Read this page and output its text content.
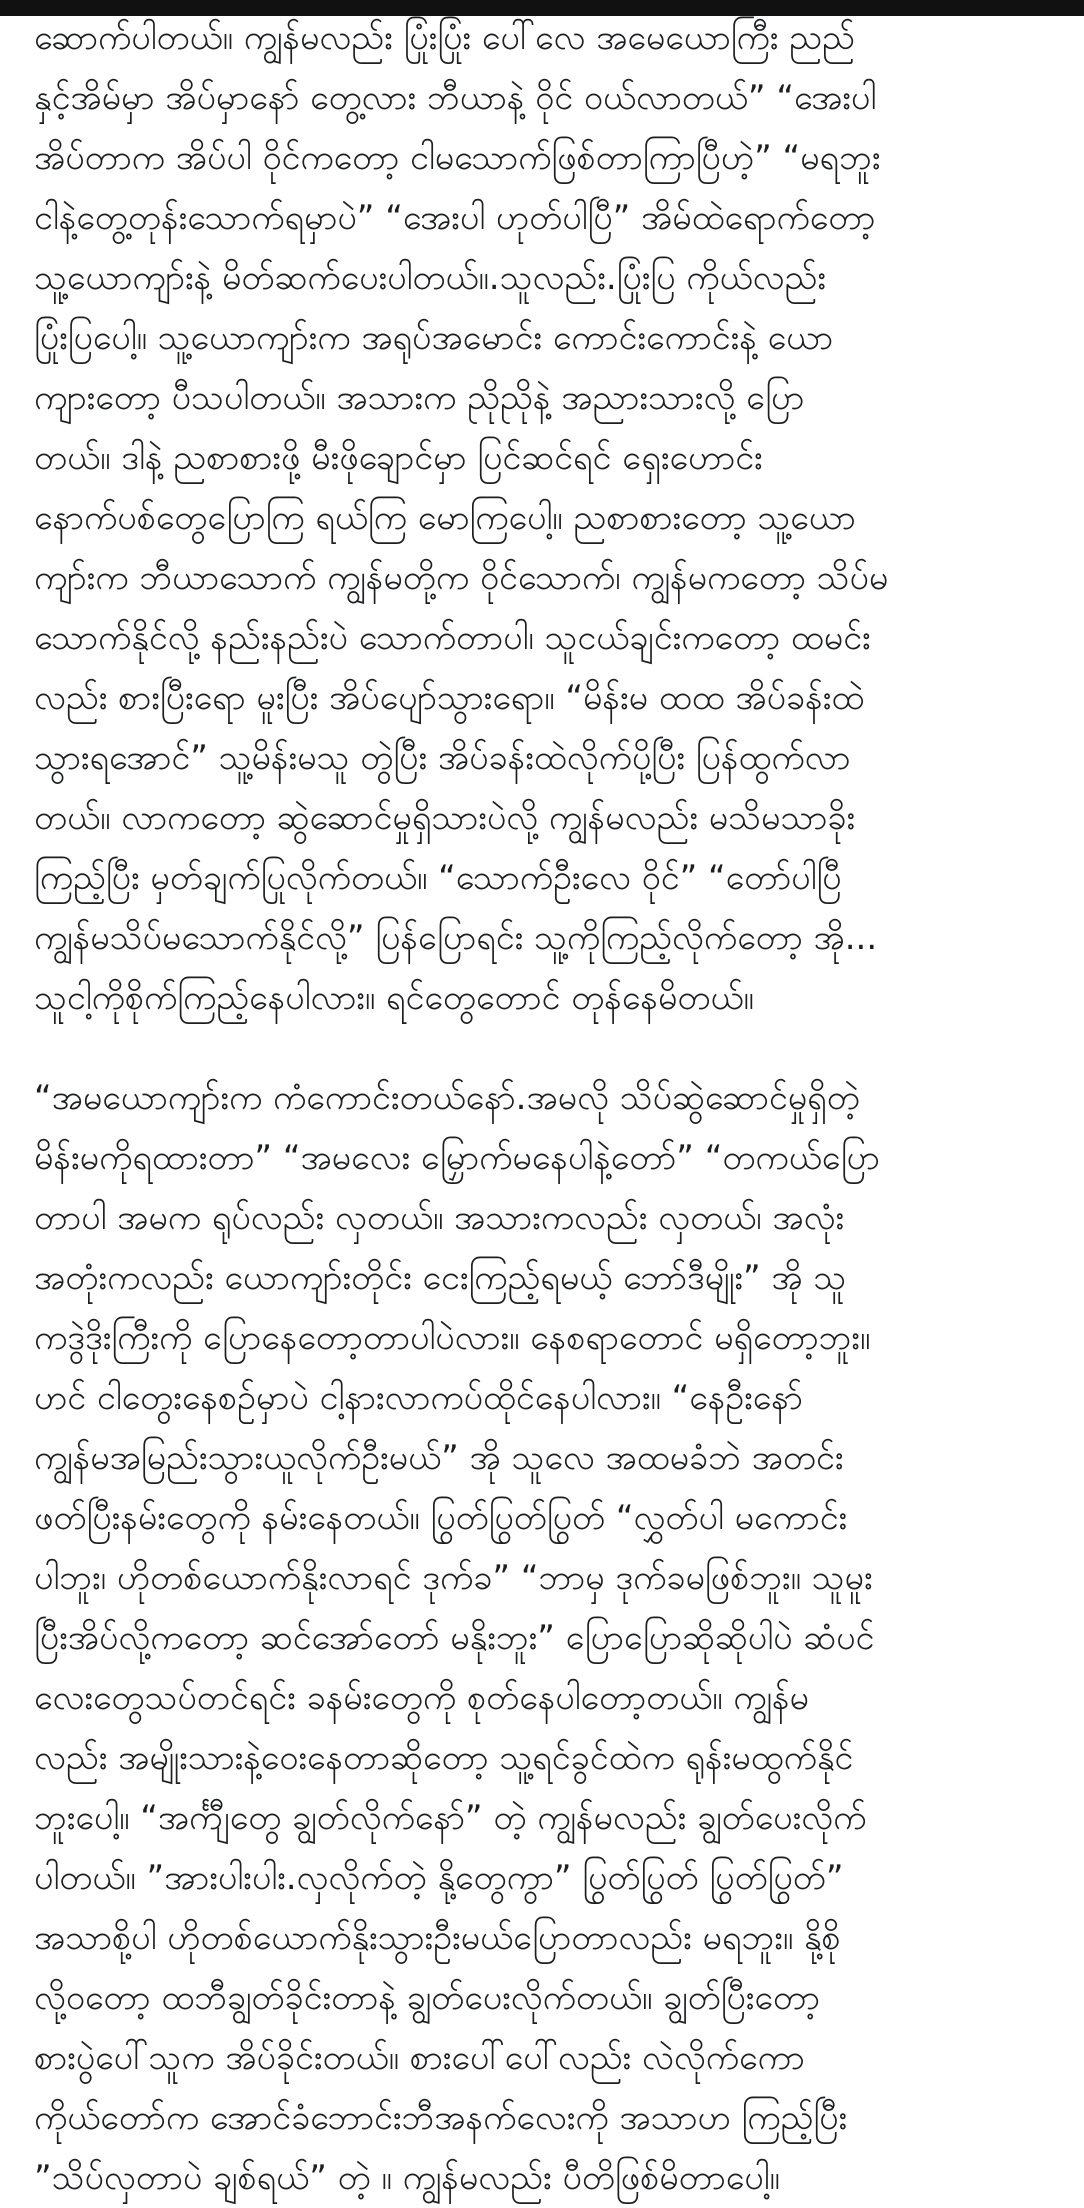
ဆောက်ပါတယ်။ ကျွန်မလည်း ပြုံးပြုံး ပေါ်လေ အမေယောကြီး ညည်
နှင့်အိမ်မှာ အိပ်မှာနော် တွေ့လား ဘီယာနဲ့ ဝိုင် ဝယ်လာတယ်” “အေးပါ
အိပ်တာက အိပ်ပါ ဝိုင်ကတော့ ငါမသောက်ဖြစ်တာကြာပြီဟဲ့” “မရဘူး
ငါနဲ့တွေ့တုန်းသောက်ရမှာပဲ” “အေးပါ ဟုတ်ပါပြီ” အိမ်ထဲရောက်တော့
သူ့ယောကျာ်းနဲ့ မိတ်ဆက်ပေးပါတယ်။.သူလည်း.ပြုံးပြ ကိုယ်လည်း
ပြုံးပြပေါ့။ သူ့ယောကျာ်းက အရုပ်အမောင်း ကောင်းကောင်းနဲ့ ယော
ကျားတော့ ပီသပါတယ်။ အသားက ညိုညိုနဲ့ အညားသားလို့ ပြော
တယ်။ ဒါနဲ့ ညစာစားဖို့ မီးဖိုချောင်မှာ ပြင်ဆင်ရင် ရှေးဟောင်း
နောက်ပစ်တွေပြောကြ ရယ်ကြ မောကြပေါ့။ ညစာစားတော့ သူ့ယော
ကျာ်းက ဘီယာသောက် ကျွန်မတို့က ဝိုင်သောက်၊ ကျွန်မကတော့ သိပ်မ
သောက်နိုင်လို့ နည်းနည်းပဲ သောက်တာပါ၊ သူငယ်ချင်းကတော့ ထမင်း
လည်း စားပြီးရော မူးပြီး အိပ်ပျော်သွားရော။ “မိန်းမ ထထ အိပ်ခန်းထဲ
သွားရအောင်” သူ့မိန်းမသူ တွဲပြီး အိပ်ခန်းထဲလိုက်ပို့ပြီး ပြန်ထွက်လာ
တယ်။ လာကတော့ ဆွဲဆောင်မှုရှိသားပဲလို့ ကျွန်မလည်း မသိမသာခိုး
ကြည့်ပြီး မှတ်ချက်ပြုလိုက်တယ်။ “သောက်ဦးလေ ဝိုင်” “တော်ပါပြီ
ကျွန်မသိပ်မသောက်နိုင်လို့” ပြန်ပြောရင်း သူ့ကိုကြည့်လိုက်တော့ အို...
သူငါ့ကိုစိုက်ကြည့်နေပါလား။ ရင်တွေတောင် တုန်နေမိတယ်။

“အမယောကျာ်းက ကံကောင်းတယ်နော်.အမလို သိပ်ဆွဲဆောင်မှုရှိတဲ့
မိန်းမကိုရထားတာ” “အမလေး မြှောက်မနေပါနဲ့တော်” “တကယ်ပြော
တာပါ အမက ရုပ်လည်း လှတယ်။ အသားကလည်း လှတယ်၊ အလုံး
အတုံးကလည်း ယောကျာ်းတိုင်း ငေးကြည့်ရမယ့် ဘော်ဒီမျိုး” အို သူ
ကဒွဲဒိုးကြီးကို ပြောနေတော့တာပါပဲလား။ နေစရာတောင် မရှိတော့ဘူး။
ဟင် ငါတွေးနေစဉ်မှာပဲ ငါ့နားလာကပ်ထိုင်နေပါလား။ “နေဦးနော်
ကျွန်မအမြည်းသွားယူလိုက်ဦးမယ်” အို သူလေ အထမခံဘဲ အတင်း
ဖတ်ပြီးနမ်းတွေကို နမ်းနေတယ်။ ပြွတ်ပြွတ်ပြွတ် “လွှတ်ပါ မကောင်း
ပါဘူး၊ ဟိုတစ်ယောက်နိုးလာရင် ဒုက်ခ” “ဘာမှ ဒုက်ခမဖြစ်ဘူး။ သူမူး
ပြီးအိပ်လို့ကတော့ ဆင်အော်တော် မနိုးဘူး” ပြောပြောဆိုဆိုပါပဲ ဆံပင်
လေးတွေသပ်တင်ရင်း ခနမ်းတွေကို စုတ်နေပါတော့တယ်။ ကျွန်မ
လည်း အမျိုးသားနဲ့ဝေးနေတာဆိုတော့ သူ့ရင်ခွင်ထဲက ရုန်းမထွက်နိုင်
ဘူးပေါ့။ “အင်္ကျီတွေ ချွတ်လိုက်နော်” တဲ့ ကျွန်မလည်း ချွတ်ပေးလိုက်
ပါတယ်။ ”အားပါးပါး.လှလိုက်တဲ့ နို့တွေကွာ” ပြွတ်ပြွတ် ပြွတ်ပြွတ်”
အသာစို့ပါ ဟိုတစ်ယောက်နိုးသွားဦးမယ်ပြောတာလည်း မရဘူး။ နို့စို
လို့ဝတော့ ထဘီချွတ်ခိုင်းတာနဲ့ ချွတ်ပေးလိုက်တယ်။ ချွတ်ပြီးတော့
စားပွဲပေါ်သူက အိပ်ခိုင်းတယ်။ စားပေါ်ပေါ်လည်း လဲလိုက်ကော
ကိုယ်တော်က အောင်ခံဘောင်းဘီအနက်လေးကို အသာဟ ကြည့်ပြီး
”သိပ်လှတာပဲ ချစ်ရယ်” တဲ့ ။ ကျွန်မလည်း ပီတိဖြစ်မိတာပေါ့။
